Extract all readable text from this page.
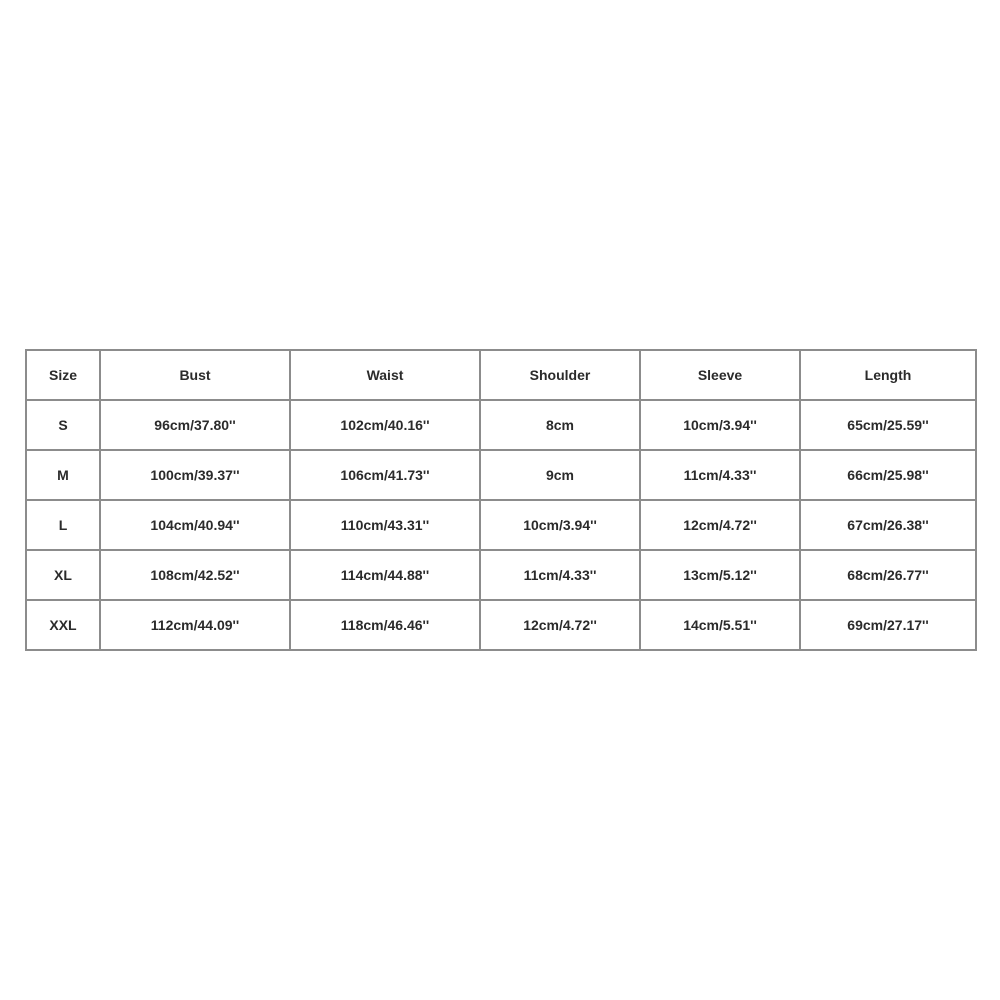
Size	Bust	Waist	Shoulder	Sleeve	Length
S	96cm/37.80''	102cm/40.16''	8cm	10cm/3.94''	65cm/25.59''
M	100cm/39.37''	106cm/41.73''	9cm	11cm/4.33''	66cm/25.98''
L	104cm/40.94''	110cm/43.31''	10cm/3.94''	12cm/4.72''	67cm/26.38''
XL	108cm/42.52''	114cm/44.88''	11cm/4.33''	13cm/5.12''	68cm/26.77''
XXL	112cm/44.09''	118cm/46.46''	12cm/4.72''	14cm/5.51''	69cm/27.17''
